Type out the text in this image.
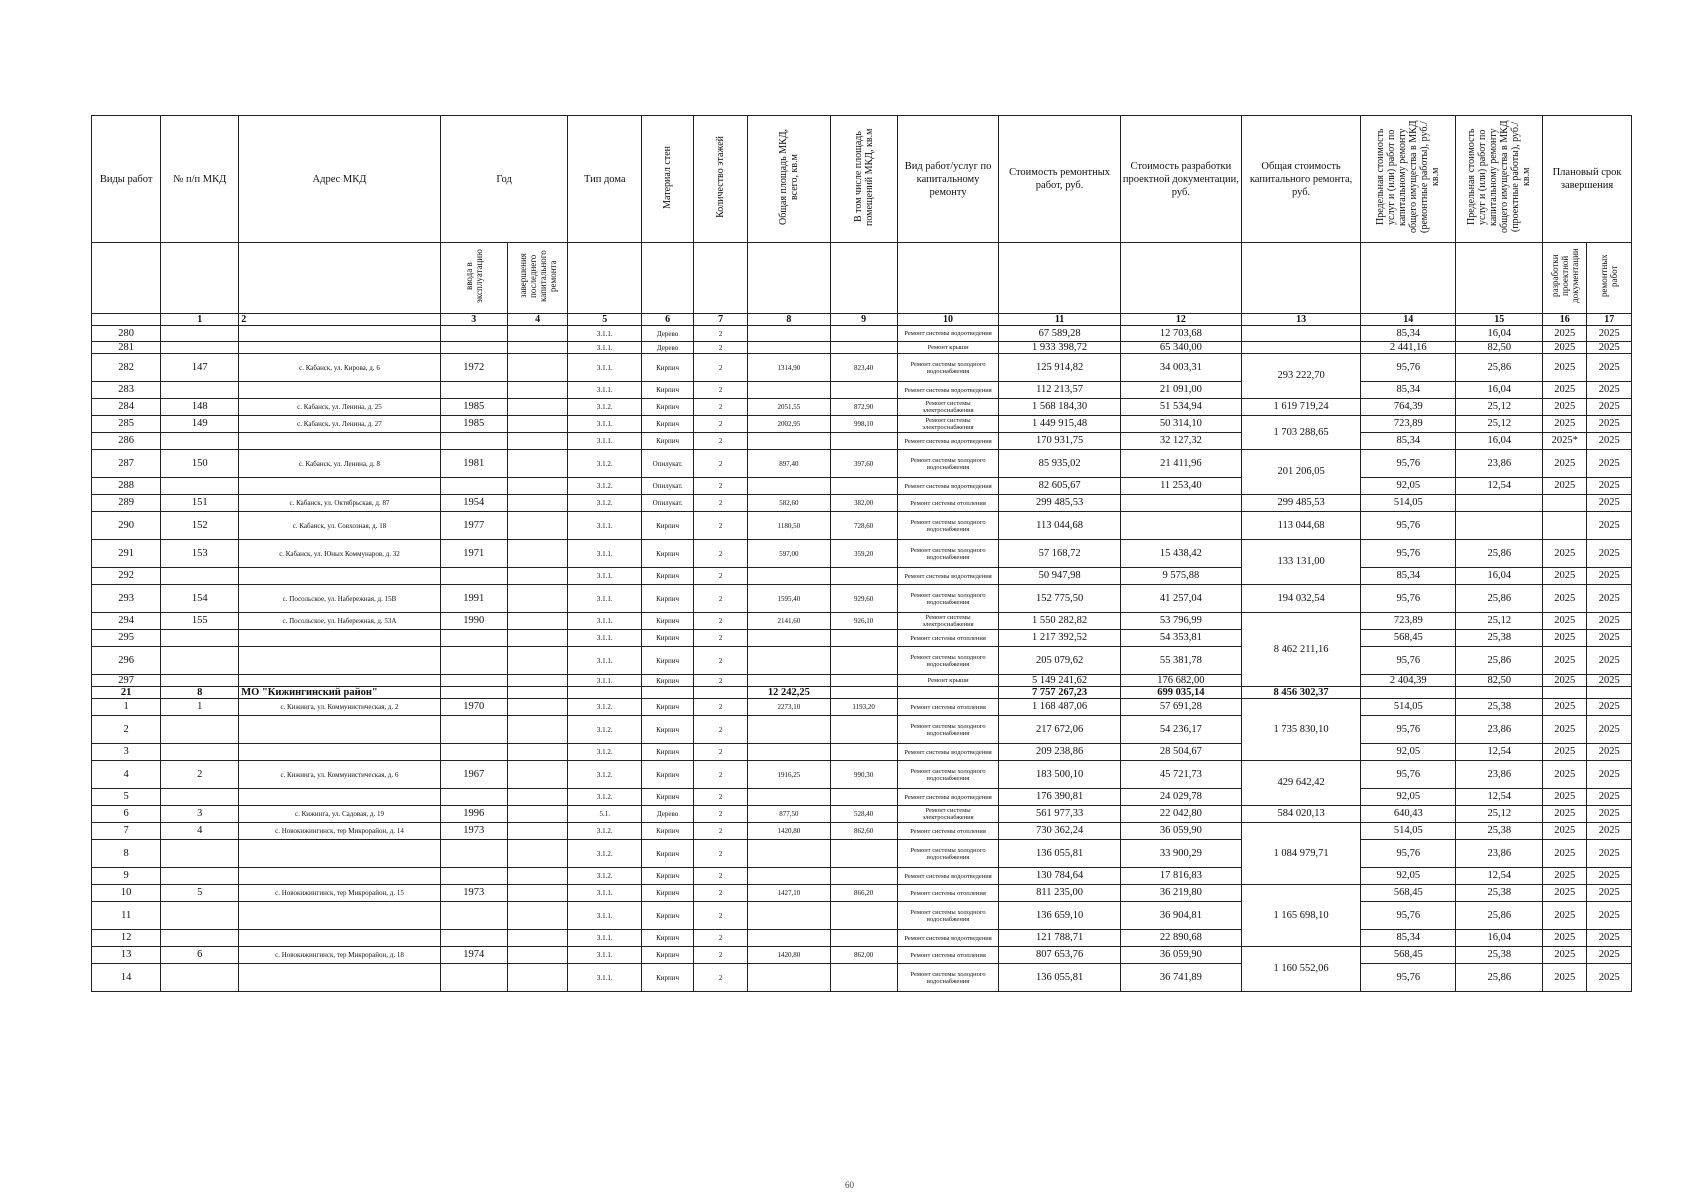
Виды работ	№ п/п МКД	Адрес МКД	Год		Тип дома	Материал стен	Количество этажей	Общая площадь МКД, всего, кв.м	В том числе площадь помещений МКД, кв.м	Вид работ/услуг по капитальному ремонту	Стоимость ремонтных работ, руб.	Стоимость разработки проектной документации, руб.	Общая стоимость капитального ремонта, руб.	Предельная стоимость услуг и (или) работ по капитальному ремонту общего имущества в МКД (ремонтные работы), руб./кв.м	Предельная стоимость услуг и (или) работ по капитальному ремонту общего имущества в МКД (проектные работы), руб./кв.м	Плановый срок завершения	
			ввода в эксплуатацию	завершения последнего капитального ремонта												разработки проектной документации	ремонтных работ
	1	2	3	4	5	6	7	8	9	10	11	12	13	14	15	16	17
280					3.1.1.	Дерево	2			Ремонт системы водоотведения	67 589,28	12 703,68		85,34	16,04	2025	2025
281					3.1.1.	Дерево	2			Ремонт крыши	1 933 398,72	65 340,00		2 441,16	82,50	2025	2025
282	147	с. Кабанск, ул. Кирова, д. 6	1972		3.1.1.	Кирпич	2	1314,90	823,40	Ремонт системы холодного водоснабжения	125 914,82	34 003,31	293 222,70	95,76	25,86	2025	2025
283					3.1.1.	Кирпич	2			Ремонт системы водоотведения	112 213,57	21 091,00		85,34	16,04	2025	2025
284	148	с. Кабанск, ул. Ленина, д. 25	1985		3.1.2.	Кирпич	2	2051,55	872,90	Ремонт системы электроснабжения	1 568 184,30	51 534,94	1 619 719,24	764,39	25,12	2025	2025
285	149	с. Кабанск, ул. Ленина, д. 27	1985		3.1.1.	Кирпич	2	2002,95	998,10	Ремонт системы электроснабжения	1 449 915,48	50 314,10	1 703 288,65	723,89	25,12	2025	2025
286					3.1.1.	Кирпич	2			Ремонт системы водоотведения	170 931,75	32 127,32		85,34	16,04	2025*	2025
287	150	с. Кабанск, ул. Ленина, д. 8	1981		3.1.2.	Опилукат.	2	897,40	397,60	Ремонт системы холодного водоснабжения	85 935,02	21 411,96	201 206,05	95,76	23,86	2025	2025
288					3.1.2.	Опилукат.	2			Ремонт системы водоотведения	82 605,67	11 253,40		92,05	12,54	2025	2025
289	151	с. Кабанск, ул. Октябрьская, д. 87	1954		3.1.2.	Опилукат.	2	582,60	382,00	Ремонт системы отопления	299 485,53		299 485,53	514,05			2025
290	152	с. Кабанск, ул. Совхозная, д. 18	1977		3.1.1.	Кирпич	2	1180,50	728,60	Ремонт системы холодного водоснабжения	113 044,68		113 044,68	95,76			2025
291	153	с. Кабанск, ул. Юных Коммунаров, д. 32	1971		3.1.1.	Кирпич	2	597,00	359,20	Ремонт системы холодного водоснабжения	57 168,72	15 438,42	133 131,00	95,76	25,86	2025	2025
292					3.1.1.	Кирпич	2			Ремонт системы водоотведения	50 947,98	9 575,88		85,34	16,04	2025	2025
293	154	с. Посольское, ул. Набережная, д. 15В	1991		3.1.1.	Кирпич	2	1595,40	929,60	Ремонт системы холодного водоснабжения	152 775,50	41 257,04	194 032,54	95,76	25,86	2025	2025
294	155	с. Посольское, ул. Набережная, д. 53А	1990		3.1.1.	Кирпич	2	2141,60	926,10	Ремонт системы электроснабжения	1 550 282,82	53 796,99	8 462 211,16	723,89	25,12	2025	2025
295					3.1.1.	Кирпич	2			Ремонт системы отопления	1 217 392,52	54 353,81		568,45	25,38	2025	2025
296					3.1.1.	Кирпич	2			Ремонт системы холодного водоснабжения	205 079,62	55 381,78		95,76	25,86	2025	2025
297					3.1.1.	Кирпич	2			Ремонт крыши	5 149 241,62	176 682,00		2 404,39	82,50	2025	2025
21	8	МО "Кижингинский район"						12 242,25			7 757 267,23	699 035,14	8 456 302,37				
1	1	с. Кижинга, ул. Коммунистическая, д. 2	1970		3.1.2.	Кирпич	2	2273,10	1193,20	Ремонт системы отопления	1 168 487,06	57 691,28	1 735 830,10	514,05	25,38	2025	2025
2					3.1.2.	Кирпич	2			Ремонт системы холодного водоснабжения	217 672,06	54 236,17		95,76	23,86	2025	2025
3					3.1.2.	Кирпич	2			Ремонт системы водоотведения	209 238,86	28 504,67		92,05	12,54	2025	2025
4	2	с. Кижинга, ул. Коммунистическая, д. 6	1967		3.1.2.	Кирпич	2	1916,25	990,30	Ремонт системы холодного водоснабжения	183 500,10	45 721,73	429 642,42	95,76	23,86	2025	2025
5					3.1.2.	Кирпич	2			Ремонт системы водоотведения	176 390,81	24 029,78		92,05	12,54	2025	2025
6	3	с. Кижинга, ул. Садовая, д. 19	1996		5.1.	Дерево	2	877,50	528,40	Ремонт системы электроснабжения	561 977,33	22 042,80	584 020,13	640,43	25,12	2025	2025
7	4	с. Новокижингинск, тер Микрорайон, д. 14	1973		3.1.2.	Кирпич	2	1420,80	862,60	Ремонт системы отопления	730 362,24	36 059,90	1 084 979,71	514,05	25,38	2025	2025
8					3.1.2.	Кирпич	2			Ремонт системы холодного водоснабжения	136 055,81	33 900,29		95,76	23,86	2025	2025
9					3.1.2.	Кирпич	2			Ремонт системы водоотведения	130 784,64	17 816,83		92,05	12,54	2025	2025
10	5	с. Новокижингинск, тер Микрорайон, д. 15	1973		3.1.1.	Кирпич	2	1427,10	866,20	Ремонт системы отопления	811 235,00	36 219,80	1 165 698,10	568,45	25,38	2025	2025
11					3.1.1.	Кирпич	2			Ремонт системы холодного водоснабжения	136 659,10	36 904,81		95,76	25,86	2025	2025
12					3.1.1.	Кирпич	2			Ремонт системы водоотведения	121 788,71	22 890,68		85,34	16,04	2025	2025
13	6	с. Новокижингинск, тер Микрорайон, д. 18	1974		3.1.1.	Кирпич	2	1420,80	862,00	Ремонт системы отопления	807 653,76	36 059,90	1 160 552,06	568,45	25,38	2025	2025
14					3.1.1.	Кирпич	2			Ремонт системы холодного водоснабжения	136 055,81	36 741,89		95,76	25,86	2025	2025
60
